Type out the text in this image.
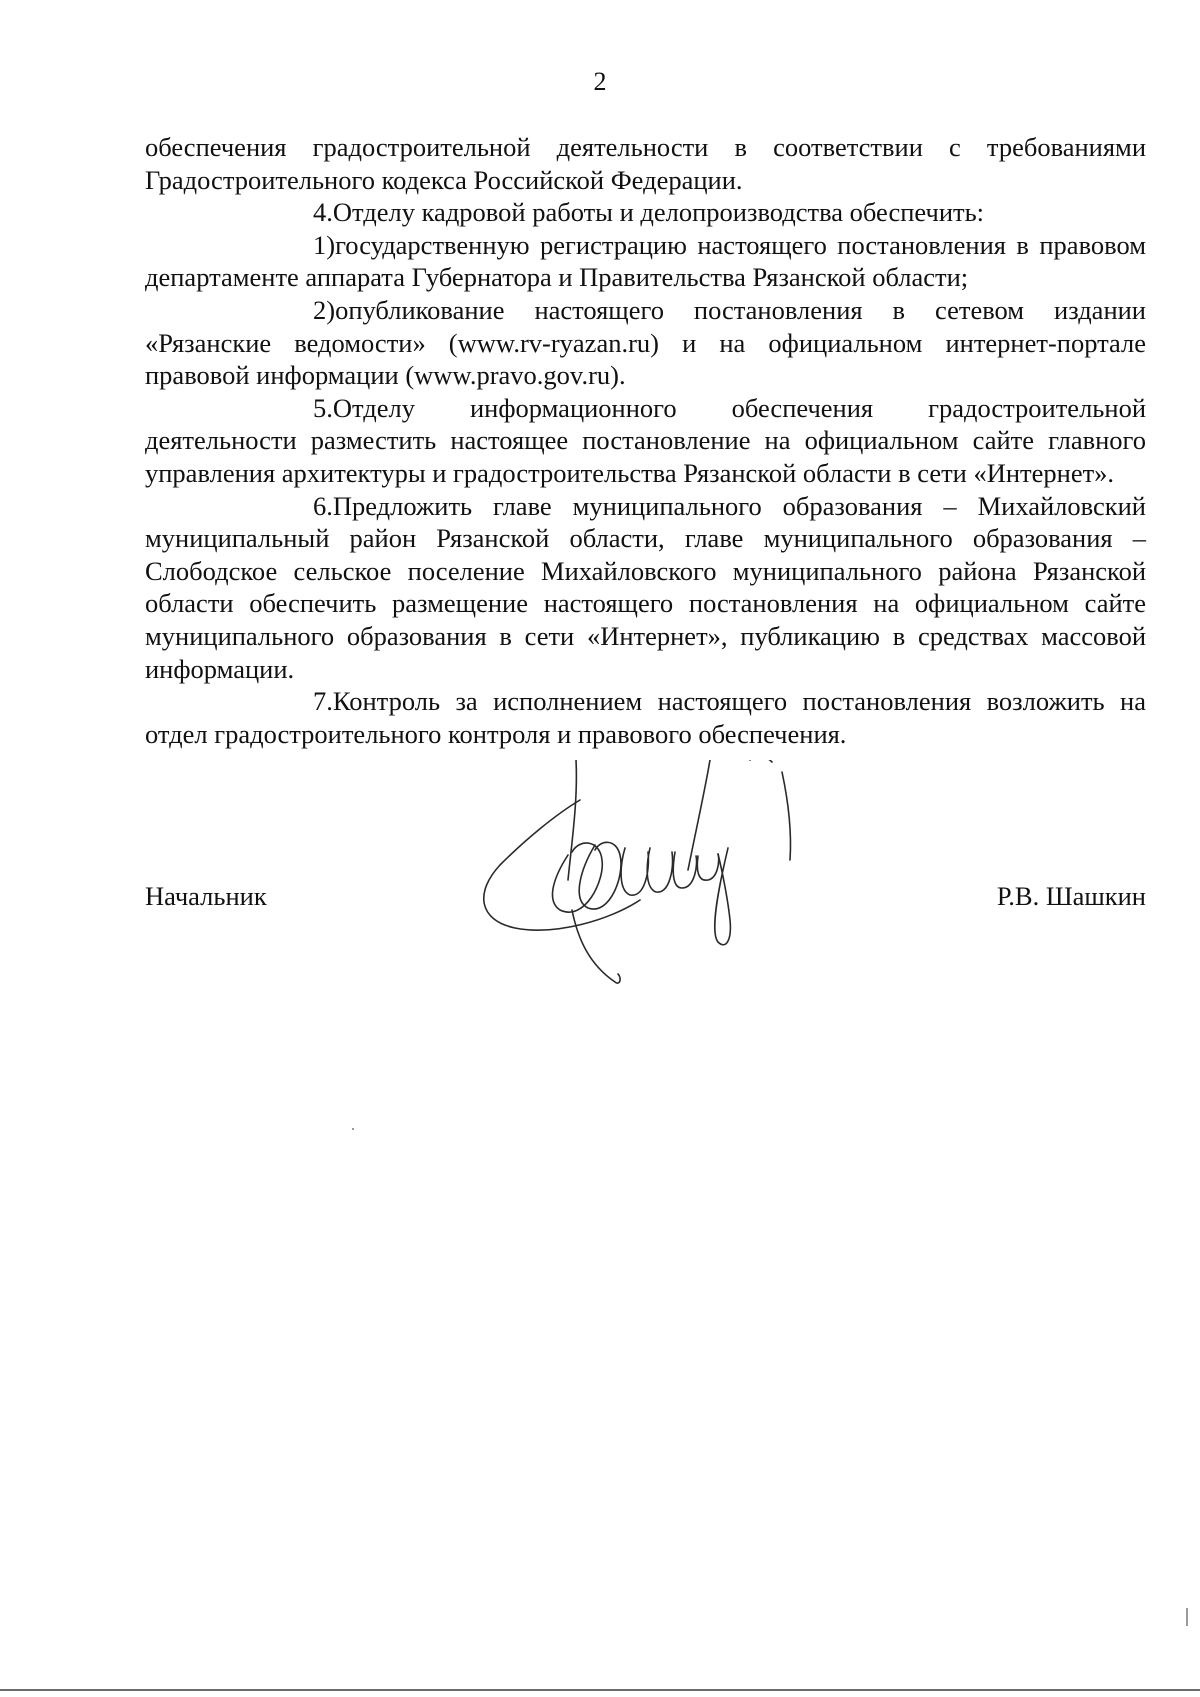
2

обеспечения градостроительной деятельности в соответствии с требованиями Градостроительного кодекса Российской Федерации.

4.Отделу кадровой работы и делопроизводства обеспечить:

1)государственную регистрацию настоящего постановления в правовом департаменте аппарата Губернатора и Правительства Рязанской области;

2)опубликование настоящего постановления в сетевом издании «Рязанские ведомости» (www.rv-ryazan.ru) и на официальном интернет-портале правовой информации (www.pravo.gov.ru).

5.Отделу информационного обеспечения градостроительной деятельности разместить настоящее постановление на официальном сайте главного управления архитектуры и градостроительства Рязанской области в сети «Интернет».

6.Предложить главе муниципального образования – Михайловский муниципальный район Рязанской области, главе муниципального образования – Слободское сельское поселение Михайловского муниципального района Рязанской области обеспечить размещение настоящего постановления на официальном сайте муниципального образования в сети «Интернет», публикацию в средствах массовой информации.

7.Контроль за исполнением настоящего постановления возложить на отдел градостроительного контроля и правового обеспечения.

Начальник	Р.В. Шашкин
